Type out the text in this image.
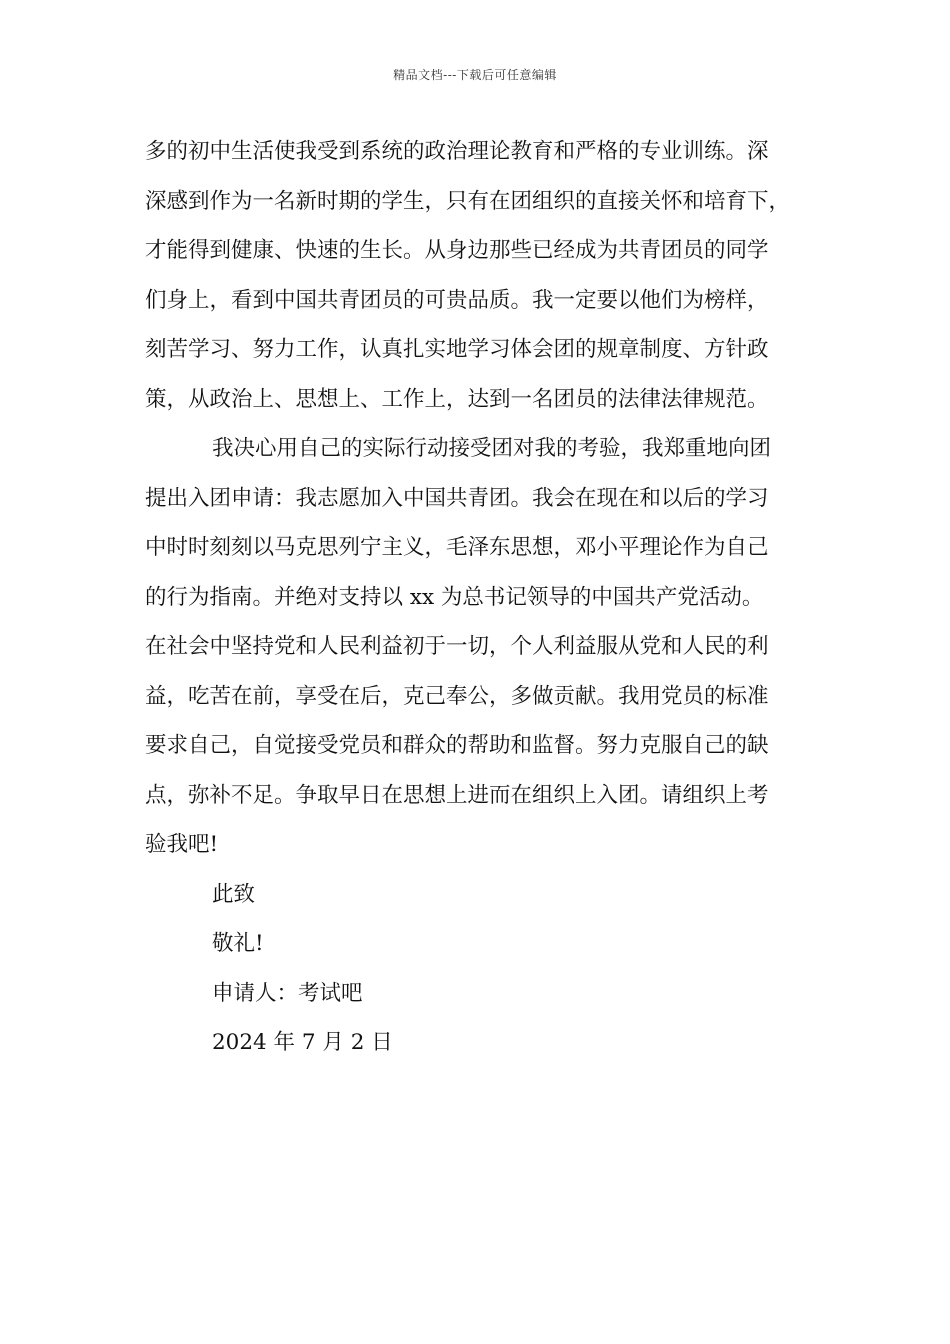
精品文档---下载后可任意编辑
多的初中生活使我受到系统的政治理论教育和严格的专业训练。深
深感到作为一名新时期的学生，只有在团组织的直接关怀和培育下，
才能得到健康、快速的生长。从身边那些已经成为共青团员的同学
们身上，看到中国共青团员的可贵品质。我一定要以他们为榜样，
刻苦学习、努力工作，认真扎实地学习体会团的规章制度、方针政
策，从政治上、思想上、工作上，达到一名团员的法律法律规范。
我决心用自己的实际行动接受团对我的考验，我郑重地向团
提出入团申请：我志愿加入中国共青团。我会在现在和以后的学习
中时时刻刻以马克思列宁主义，毛泽东思想，邓小平理论作为自己
的行为指南。并绝对支持以 xx 为总书记领导的中国共产党活动。
在社会中坚持党和人民利益初于一切，个人利益服从党和人民的利
益，吃苦在前，享受在后，克己奉公，多做贡献。我用党员的标准
要求自己，自觉接受党员和群众的帮助和监督。努力克服自己的缺
点，弥补不足。争取早日在思想上进而在组织上入团。请组织上考
验我吧!
此致
敬礼!
申请人：考试吧
2024 年 7 月 2 日
